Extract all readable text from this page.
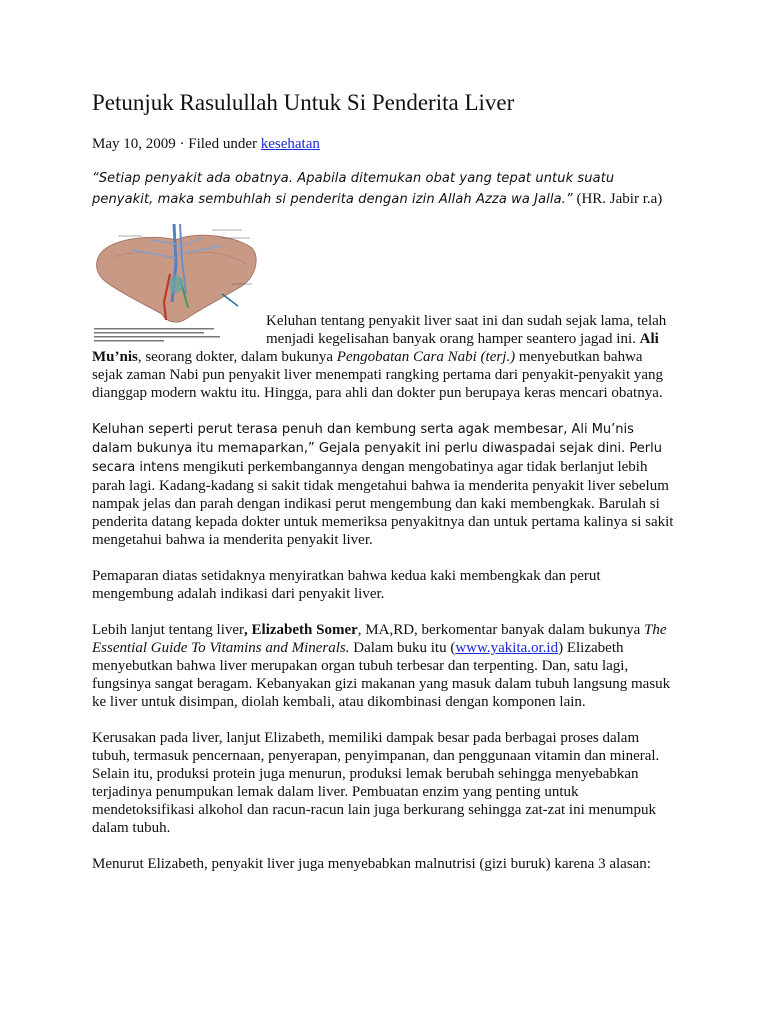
Petunjuk Rasulullah Untuk Si Penderita Liver
May 10, 2009 · Filed under kesehatan
“Setiap penyakit ada obatnya. Apabila ditemukan obat yang tepat untuk suatu penyakit, maka sembuhlah si penderita dengan izin Allah Azza wa Jalla.” (HR. Jabir r.a)

Keluhan tentang penyakit liver saat ini dan sudah sejak lama, telah menjadi kegelisahan banyak orang hamper seantero jagad ini. Ali Mu’nis, seorang dokter, dalam bukunya Pengobatan Cara Nabi (terj.) menyebutkan bahwa sejak zaman Nabi pun penyakit liver menempati rangking pertama dari penyakit-penyakit yang dianggap modern waktu itu. Hingga, para ahli dan dokter pun berupaya keras mencari obatnya.

Keluhan seperti perut terasa penuh dan kembung serta agak membesar, Ali Mu’nis dalam bukunya itu memaparkan,” Gejala penyakit ini perlu diwaspadai sejak dini. Perlu secara intens mengikuti perkembangannya dengan mengobatinya agar tidak berlanjut lebih parah lagi. Kadang-kadang si sakit tidak mengetahui bahwa ia menderita penyakit liver sebelum nampak jelas dan parah dengan indikasi perut mengembung dan kaki membengkak. Barulah si penderita datang kepada dokter untuk memeriksa penyakitnya dan untuk pertama kalinya si sakit mengetahui bahwa ia menderita penyakit liver.

Pemaparan diatas setidaknya menyiratkan bahwa kedua kaki membengkak dan perut mengembung adalah indikasi dari penyakit liver.

Lebih lanjut tentang liver, Elizabeth Somer, MA,RD, berkomentar banyak dalam bukunya The Essential Guide To Vitamins and Minerals. Dalam buku itu (www.yakita.or.id) Elizabeth menyebutkan bahwa liver merupakan organ tubuh terbesar dan terpenting. Dan, satu lagi, fungsinya sangat beragam. Kebanyakan gizi makanan yang masuk dalam tubuh langsung masuk ke liver untuk disimpan, diolah kembali, atau dikombinasi dengan komponen lain.

Kerusakan pada liver, lanjut Elizabeth, memiliki dampak besar pada berbagai proses dalam tubuh, termasuk pencernaan, penyerapan, penyimpanan, dan penggunaan vitamin dan mineral. Selain itu, produksi protein juga menurun, produksi lemak berubah sehingga menyebabkan terjadinya penumpukan lemak dalam liver. Pembuatan enzim yang penting untuk mendetoksifikasi alkohol dan racun-racun lain juga berkurang sehingga zat-zat ini menumpuk dalam tubuh.

Menurut Elizabeth, penyakit liver juga menyebabkan malnutrisi (gizi buruk) karena 3 alasan:
